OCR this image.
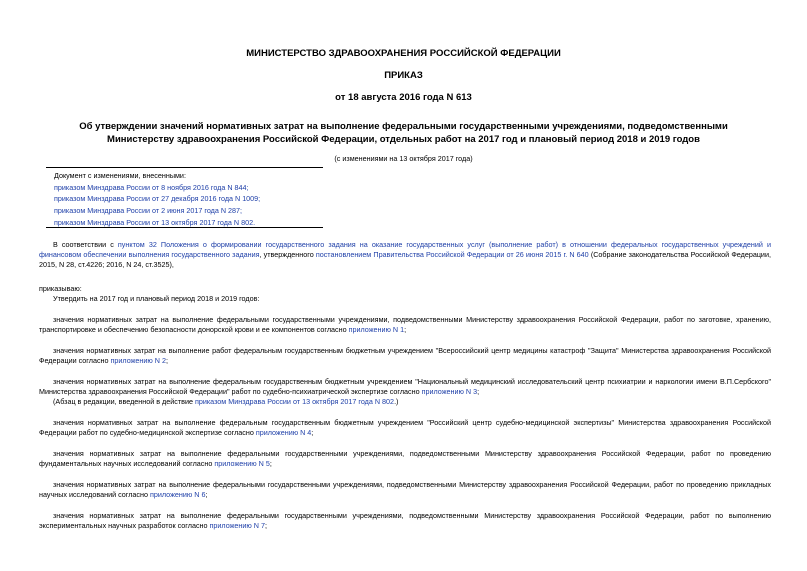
МИНИСТЕРСТВО ЗДРАВООХРАНЕНИЯ РОССИЙСКОЙ ФЕДЕРАЦИИ
ПРИКАЗ
от 18 августа 2016 года N 613
Об утверждении значений нормативных затрат на выполнение федеральными государственными учреждениями, подведомственными Министерству здравоохранения Российской Федерации, отдельных работ на 2017 год и плановый период 2018 и 2019 годов
(с изменениями на 13 октября 2017 года)
Документ с изменениями, внесенными:
приказом Минздрава России от 8 ноября 2016 года N 844;
приказом Минздрава России от 27 декабря 2016 года N 1009;
приказом Минздрава России от 2 июня 2017 года N 287;
приказом Минздрава России от 13 октября 2017 года N 802.
В соответствии с пунктом 32 Положения о формировании государственного задания на оказание государственных услуг (выполнение работ) в отношении федеральных государственных учреждений и финансовом обеспечении выполнения государственного задания, утвержденного постановлением Правительства Российской Федерации от 26 июня 2015 г. N 640 (Собрание законодательства Российской Федерации, 2015, N 28, ст.4226; 2016, N 24, ст.3525),
приказываю:
Утвердить на 2017 год и плановый период 2018 и 2019 годов:
значения нормативных затрат на выполнение федеральными государственными учреждениями, подведомственными Министерству здравоохранения Российской Федерации, работ по заготовке, хранению, транспортировке и обеспечению безопасности донорской крови и ее компонентов согласно приложению N 1;
значения нормативных затрат на выполнение работ федеральным государственным бюджетным учреждением "Всероссийский центр медицины катастроф "Защита" Министерства здравоохранения Российской Федерации согласно приложению N 2;
значения нормативных затрат на выполнение федеральным государственным бюджетным учреждением "Национальный медицинский исследовательский центр психиатрии и наркологии имени В.П.Сербского" Министерства здравоохранения Российской Федерации" работ по судебно-психиатрической экспертизе согласно приложению N 3;
(Абзац в редакции, введенной в действие приказом Минздрава России от 13 октября 2017 года N 802.)
значения нормативных затрат на выполнение федеральным государственным бюджетным учреждением "Российский центр судебно-медицинской экспертизы" Министерства здравоохранения Российской Федерации работ по судебно-медицинской экспертизе согласно приложению N 4;
значения нормативных затрат на выполнение федеральными государственными учреждениями, подведомственными Министерству здравоохранения Российской Федерации, работ по проведению фундаментальных научных исследований согласно приложению N 5;
значения нормативных затрат на выполнение федеральными государственными учреждениями, подведомственными Министерству здравоохранения Российской Федерации, работ по проведению прикладных научных исследований согласно приложению N 6;
значения нормативных затрат на выполнение федеральными государственными учреждениями, подведомственными Министерству здравоохранения Российской Федерации, работ по выполнению экспериментальных научных разработок согласно приложению N 7;
